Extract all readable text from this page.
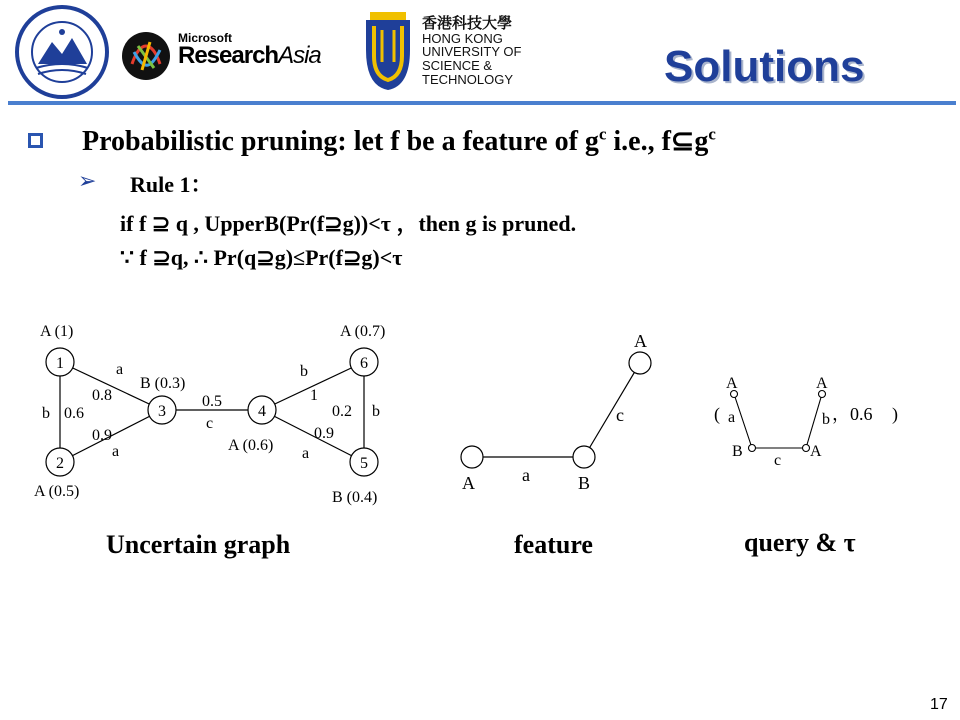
Microsoft
ResearchAsia
香港科技大學
HONG KONG
UNIVERSITY OF
SCIENCE &
TECHNOLOGY	Solutions
Probabilistic pruning: let f be a feature of $g^c$ i.e., $f⊆g^c$
➢ Rule 1：
if f ⊇ q , UpperB(Pr(f⊇g))<τ ，then g is pruned.
∵ f ⊇q, ∴ Pr(q⊇g)≤Pr(f⊇g)<τ
1
2
3	4
5
6
A (1)
A (0.5)
B (0.3)
A (0.6)
B (0.4)
A (0.7)
a
0.8
b 0.6
a
0.9
c
0.5
b
1
a
0.9
b
0.2
Uncertain graph
A	B
A
a
c
feature
A
B	A
A
a
c
b
(	，0.6 )
query & τ
17
